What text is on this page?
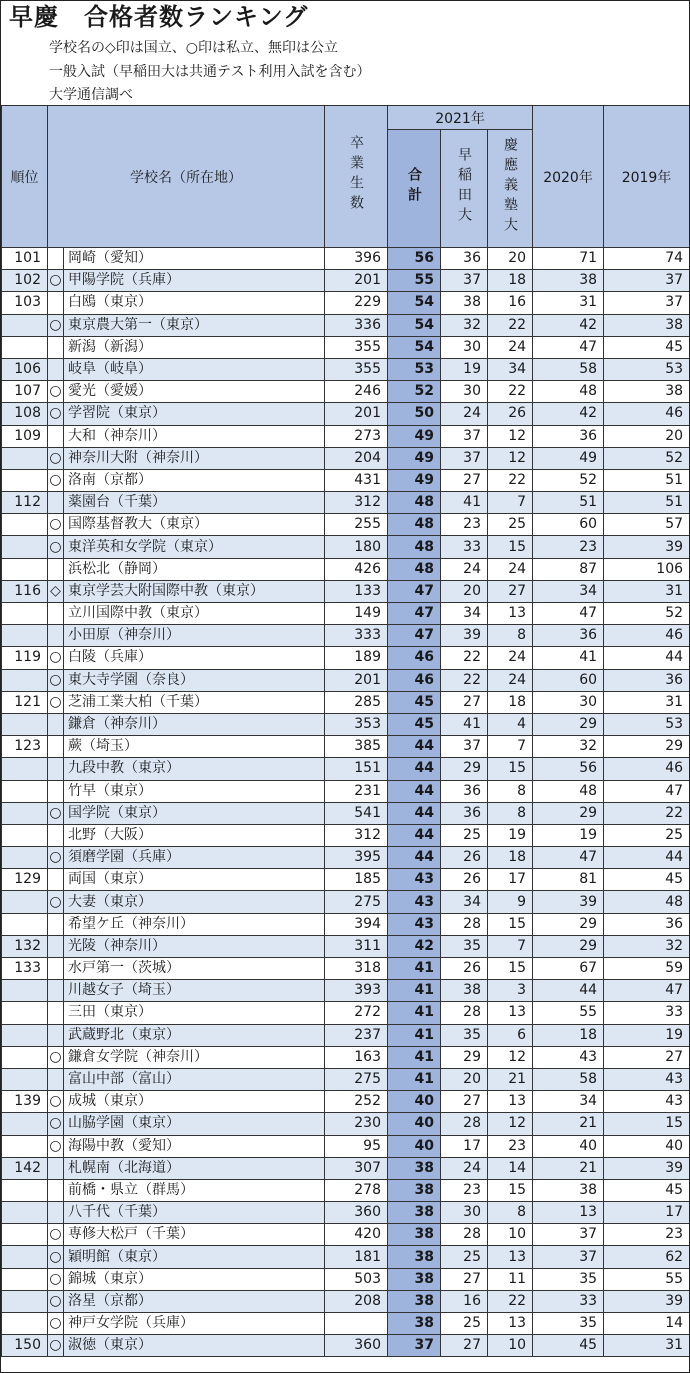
早慶　合格者数ランキング
学校名の◇印は国立、○印は私立、無印は公立
一般入試（早稲田大は共通テスト利用入試を含む）
大学通信調べ
順位	学校名（所在地）		卒業生数	2021年			2020年	2019年
				合計	早稲田大	慶應義塾大		
101		岡崎（愛知）	396	56	36	20	71	74
102	○	甲陽学院（兵庫）	201	55	37	18	38	37
103		白鴎（東京）	229	54	38	16	31	37
	○	東京農大第一（東京）	336	54	32	22	42	38
		新潟（新潟）	355	54	30	24	47	45
106		岐阜（岐阜）	355	53	19	34	58	53
107	○	愛光（愛媛）	246	52	30	22	48	38
108	○	学習院（東京）	201	50	24	26	42	46
109		大和（神奈川）	273	49	37	12	36	20
	○	神奈川大附（神奈川）	204	49	37	12	49	52
	○	洛南（京都）	431	49	27	22	52	51
112		薬園台（千葉）	312	48	41	7	51	51
	○	国際基督教大（東京）	255	48	23	25	60	57
	○	東洋英和女学院（東京）	180	48	33	15	23	39
		浜松北（静岡）	426	48	24	24	87	106
116	◇	東京学芸大附国際中教（東京）	133	47	20	27	34	31
		立川国際中教（東京）	149	47	34	13	47	52
		小田原（神奈川）	333	47	39	8	36	46
119	○	白陵（兵庫）	189	46	22	24	41	44
	○	東大寺学園（奈良）	201	46	22	24	60	36
121	○	芝浦工業大柏（千葉）	285	45	27	18	30	31
		鎌倉（神奈川）	353	45	41	4	29	53
123		蕨（埼玉）	385	44	37	7	32	29
		九段中教（東京）	151	44	29	15	56	46
		竹早（東京）	231	44	36	8	48	47
	○	国学院（東京）	541	44	36	8	29	22
		北野（大阪）	312	44	25	19	19	25
	○	須磨学園（兵庫）	395	44	26	18	47	44
129		両国（東京）	185	43	26	17	81	45
	○	大妻（東京）	275	43	34	9	39	48
		希望ケ丘（神奈川）	394	43	28	15	29	36
132		光陵（神奈川）	311	42	35	7	29	32
133		水戸第一（茨城）	318	41	26	15	67	59
		川越女子（埼玉）	393	41	38	3	44	47
		三田（東京）	272	41	28	13	55	33
		武蔵野北（東京）	237	41	35	6	18	19
	○	鎌倉女学院（神奈川）	163	41	29	12	43	27
		富山中部（富山）	275	41	20	21	58	43
139	○	成城（東京）	252	40	27	13	34	43
	○	山脇学園（東京）	230	40	28	12	21	15
	○	海陽中教（愛知）	95	40	17	23	40	40
142		札幌南（北海道）	307	38	24	14	21	39
		前橋・県立（群馬）	278	38	23	15	38	45
		八千代（千葉）	360	38	30	8	13	17
	○	専修大松戸（千葉）	420	38	28	10	37	23
	○	穎明館（東京）	181	38	25	13	37	62
	○	錦城（東京）	503	38	27	11	35	55
	○	洛星（京都）	208	38	16	22	33	39
	○	神戸女学院（兵庫）		38	25	13	35	14
150	○	淑徳（東京）	360	37	27	10	45	31
